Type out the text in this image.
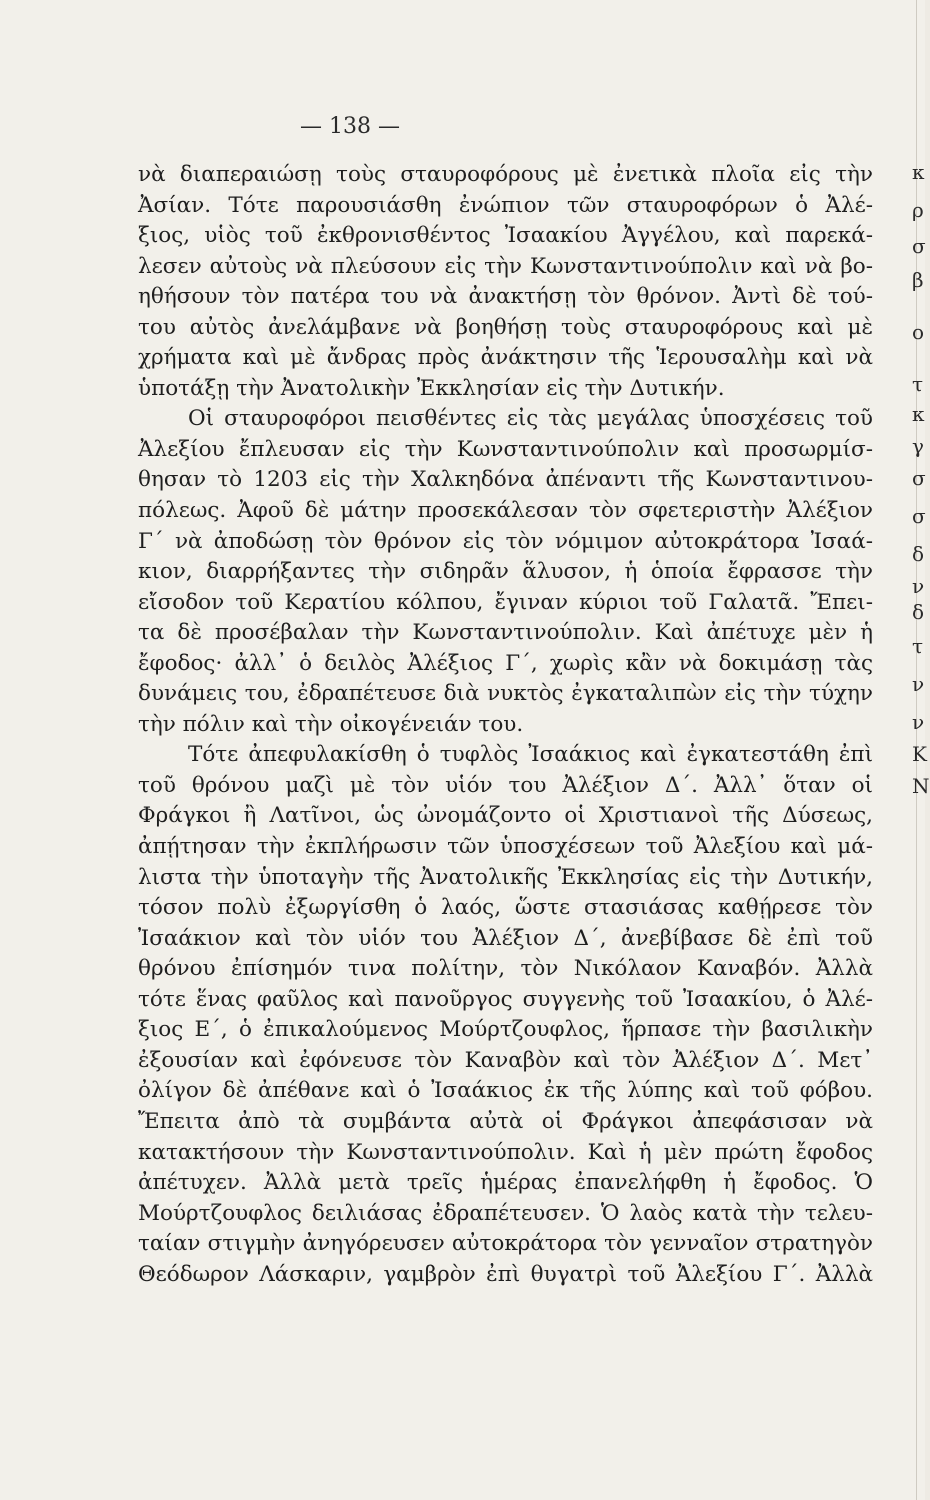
— 138 —
νὰ διαπεραιώσῃ τοὺς σταυροφόρους μὲ ἐνετικὰ πλοῖα εἰς τὴν
Ἀσίαν. Τότε παρουσιάσθη ἐνώπιον τῶν σταυροφόρων ὁ Ἀλέ-
ξιος, υἱὸς τοῦ ἐκθρονισθέντος Ἰσαακίου Ἀγγέλου, καὶ παρεκά-
λεσεν αὐτοὺς νὰ πλεύσουν εἰς τὴν Κωνσταντινούπολιν καὶ νὰ βο-
ηθήσουν τὸν πατέρα του νὰ ἀνακτήσῃ τὸν θρόνον. Ἀντὶ δὲ τού-
του αὐτὸς ἀνελάμβανε νὰ βοηθήσῃ τοὺς σταυροφόρους καὶ μὲ
χρήματα καὶ μὲ ἄνδρας πρὸς ἀνάκτησιν τῆς Ἱερουσαλὴμ καὶ νὰ
ὑποτάξῃ τὴν Ἀνατολικὴν Ἐκκλησίαν εἰς τὴν Δυτικήν.
Οἱ σταυροφόροι πεισθέντες εἰς τὰς μεγάλας ὑποσχέσεις τοῦ
Ἀλεξίου ἔπλευσαν εἰς τὴν Κωνσταντινούπολιν καὶ προσωρμίσ-
θησαν τὸ 1203 εἰς τὴν Χαλκηδόνα ἀπέναντι τῆς Κωνσταντινου-
πόλεως. Ἀφοῦ δὲ μάτην προσεκάλεσαν τὸν σφετεριστὴν Ἀλέξιον
Γ΄ νὰ ἀποδώσῃ τὸν θρόνον εἰς τὸν νόμιμον αὐτοκράτορα Ἰσαά-
κιον, διαρρήξαντες τὴν σιδηρᾶν ἅλυσον, ἡ ὁποία ἔφρασσε τὴν
εἴσοδον τοῦ Κερατίου κόλπου, ἔγιναν κύριοι τοῦ Γαλατᾶ. Ἔπει-
τα δὲ προσέβαλαν τὴν Κωνσταντινούπολιν. Καὶ ἀπέτυχε μὲν ἡ
ἔφοδος· ἀλλ᾿ ὁ δειλὸς Ἀλέξιος Γ΄, χωρὶς κἂν νὰ δοκιμάσῃ τὰς
δυνάμεις του, ἐδραπέτευσε διὰ νυκτὸς ἐγκαταλιπὼν εἰς τὴν τύχην
τὴν πόλιν καὶ τὴν οἰκογένειάν του.
Τότε ἀπεφυλακίσθη ὁ τυφλὸς Ἰσαάκιος καὶ ἐγκατεστάθη ἐπὶ
τοῦ θρόνου μαζὶ μὲ τὸν υἱόν του Ἀλέξιον Δ΄. Ἀλλ᾿ ὅταν οἱ
Φράγκοι ἢ Λατῖνοι, ὡς ὠνομάζοντο οἱ Χριστιανοὶ τῆς Δύσεως,
ἀπῄτησαν τὴν ἐκπλήρωσιν τῶν ὑποσχέσεων τοῦ Ἀλεξίου καὶ μά-
λιστα τὴν ὑποταγὴν τῆς Ἀνατολικῆς Ἐκκλησίας εἰς τὴν Δυτικήν,
τόσον πολὺ ἐξωργίσθη ὁ λαός, ὥστε στασιάσας καθῄρεσε τὸν
Ἰσαάκιον καὶ τὸν υἱόν του Ἀλέξιον Δ΄, ἀνεβίβασε δὲ ἐπὶ τοῦ
θρόνου ἐπίσημόν τινα πολίτην, τὸν Νικόλαον Καναβόν. Ἀλλὰ
τότε ἕνας φαῦλος καὶ πανοῦργος συγγενὴς τοῦ Ἰσαακίου, ὁ Ἀλέ-
ξιος Ε΄, ὁ ἐπικαλούμενος Μούρτζουφλος, ἥρπασε τὴν βασιλικὴν
ἐξουσίαν καὶ ἐφόνευσε τὸν Καναβὸν καὶ τὸν Ἀλέξιον Δ΄. Μετ᾿
ὀλίγον δὲ ἀπέθανε καὶ ὁ Ἰσαάκιος ἐκ τῆς λύπης καὶ τοῦ φόβου.
Ἔπειτα ἀπὸ τὰ συμβάντα αὐτὰ οἱ Φράγκοι ἀπεφάσισαν νὰ
κατακτήσουν τὴν Κωνσταντινούπολιν. Καὶ ἡ μὲν πρώτη ἔφοδος
ἀπέτυχεν. Ἀλλὰ μετὰ τρεῖς ἡμέρας ἐπανελήφθη ἡ ἔφοδος. Ὁ
Μούρτζουφλος δειλιάσας ἐδραπέτευσεν. Ὁ λαὸς κατὰ τὴν τελευ-
ταίαν στιγμὴν ἀνηγόρευσεν αὐτοκράτορα τὸν γενναῖον στρατηγὸν
Θεόδωρον Λάσκαριν, γαμβρὸν ἐπὶ θυγατρὶ τοῦ Ἀλεξίου Γ΄. Ἀλλὰ
κ
ρ
σ
β
ο
τ
κ
γ
σ
σ
δ
ν
δ
τ
ν
ν
Κ
Ν
